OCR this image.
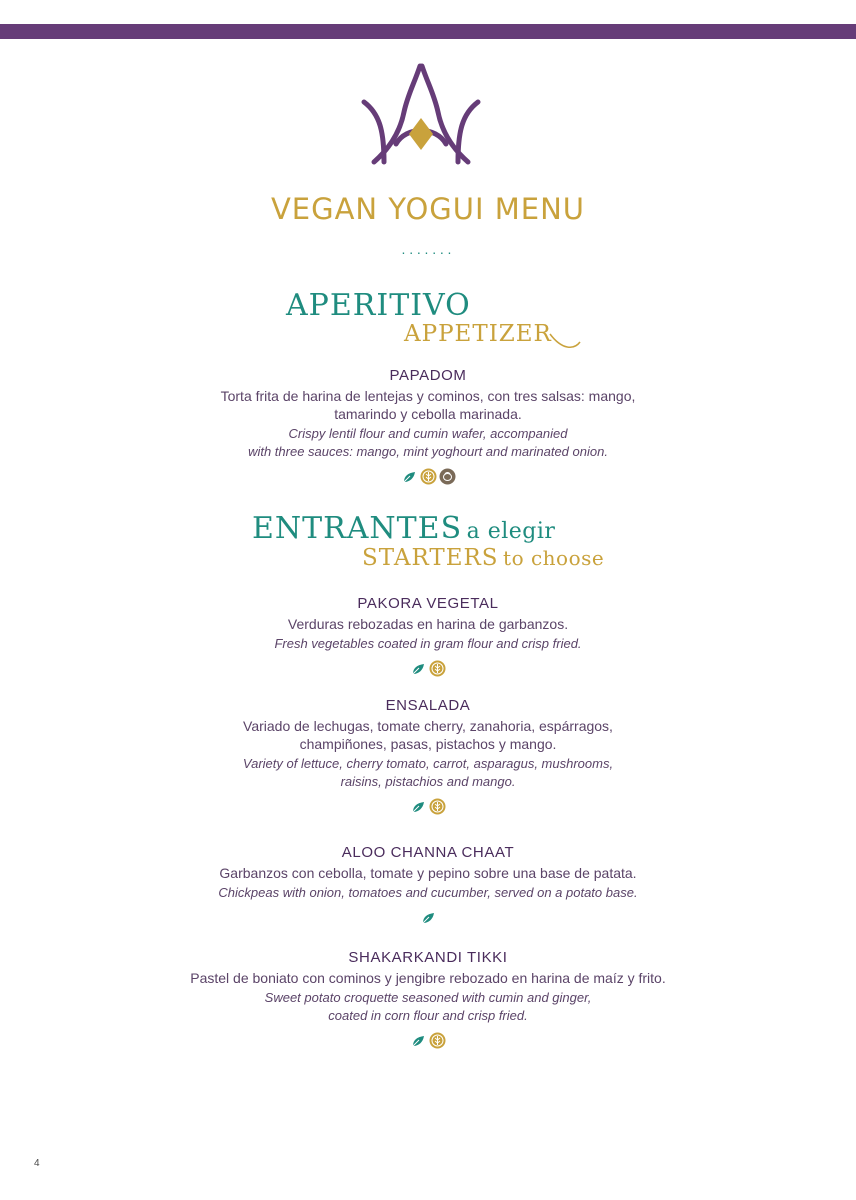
VEGAN YOGUI MENU
·······
APERITIVO
APPETIZER
PAPADOM
Torta frita de harina de lentejas y cominos, con tres salsas: mango,
tamarindo y cebolla marinada.
Crispy lentil flour and cumin wafer, accompanied
with three sauces: mango, mint yoghourt and marinated onion.
ENTRANTES a elegir
STARTERS to choose
PAKORA VEGETAL
Verduras rebozadas en harina de garbanzos.
Fresh vegetables coated in gram flour and crisp fried.
ENSALADA
Variado de lechugas, tomate cherry, zanahoria, espárragos,
champiñones, pasas, pistachos y mango.
Variety of lettuce, cherry tomato, carrot, asparagus, mushrooms,
raisins, pistachios and mango.
ALOO CHANNA CHAAT
Garbanzos con cebolla, tomate y pepino sobre una base de patata.
Chickpeas with onion, tomatoes and cucumber, served on a potato base.
SHAKARKANDI TIKKI
Pastel de boniato con cominos y jengibre rebozado en harina de maíz y frito.
Sweet potato croquette seasoned with cumin and ginger,
coated in corn flour and crisp fried.
4
